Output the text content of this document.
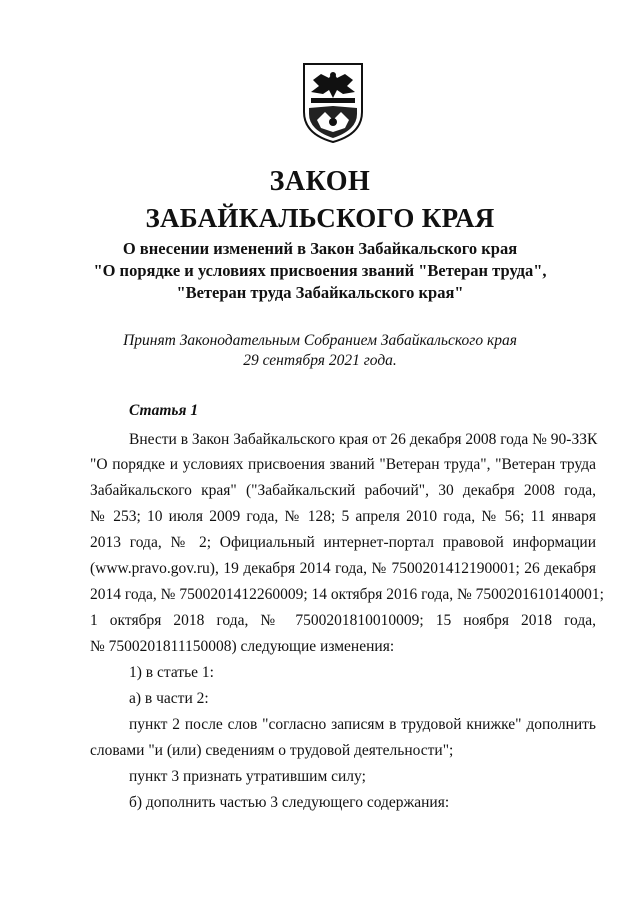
ЗАКОН
ЗАБАЙКАЛЬСКОГО КРАЯ
О внесении изменений в Закон Забайкальского края
"О порядке и условиях присвоения званий "Ветеран труда",
"Ветеран труда Забайкальского края"
Принят Законодательным Собранием Забайкальского края
29 сентября 2021 года.
Статья 1
Внести в Закон Забайкальского края от 26 декабря 2008 года № 90-ЗЗК
"О порядке и условиях присвоения званий "Ветеран труда", "Ветеран труда
Забайкальского края" ("Забайкальский рабочий", 30 декабря 2008 года,
№ 253; 10 июля 2009 года, № 128; 5 апреля 2010 года, № 56; 11 января
2013 года, № 2; Официальный интернет-портал правовой информации
(www.pravo.gov.ru), 19 декабря 2014 года, № 7500201412190001; 26 декабря
2014 года, № 7500201412260009; 14 октября 2016 года, № 7500201610140001;
1 октября 2018 года, № 7500201810010009; 15 ноября 2018 года,
№ 7500201811150008) следующие изменения:
1) в статье 1:
а) в части 2:
пункт 2 после слов "согласно записям в трудовой книжке" дополнить
словами "и (или) сведениям о трудовой деятельности";
пункт 3 признать утратившим силу;
б) дополнить частью 3 следующего содержания:
